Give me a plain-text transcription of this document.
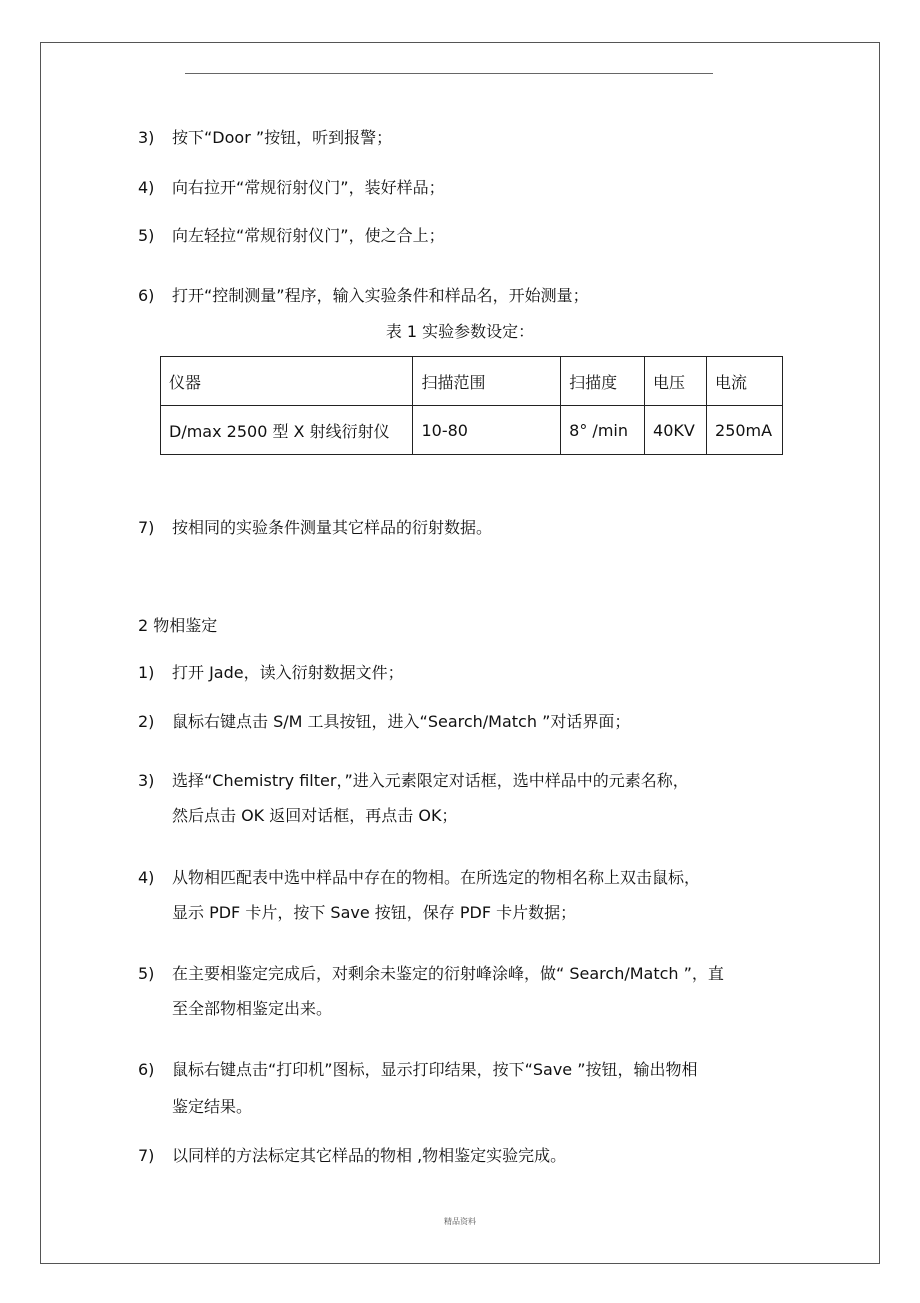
3) 按下“Door ”按钮，听到报警；
4) 向右拉开“常规衍射仪门”，装好样品；
5) 向左轻拉“常规衍射仪门”，使之合上；
6) 打开“控制测量”程序，输入实验条件和样品名，开始测量；
表 1 实验参数设定：
仪器	扫描范围	扫描度	电压	电流
D/max 2500 型 X 射线衍射仪	10-80	8° /min	40KV	250mA
7) 按相同的实验条件测量其它样品的衍射数据。
2 物相鉴定
1) 打开 Jade，读入衍射数据文件；
2) 鼠标右键点击 S/M 工具按钮，进入“Search/Match ”对话界面；
3) 选择“Chemistry filter，”进入元素限定对话框，选中样品中的元素名称，
然后点击 OK 返回对话框，再点击 OK；
4) 从物相匹配表中选中样品中存在的物相。在所选定的物相名称上双击鼠标，
显示 PDF 卡片，按下 Save 按钮，保存 PDF 卡片数据；
5) 在主要相鉴定完成后，对剩余未鉴定的衍射峰涂峰，做“ Search/Match ”，直
至全部物相鉴定出来。
6) 鼠标右键点击“打印机”图标，显示打印结果，按下“Save ”按钮，输出物相
鉴定结果。
7) 以同样的方法标定其它样品的物相 ,物相鉴定实验完成。
精品资料
